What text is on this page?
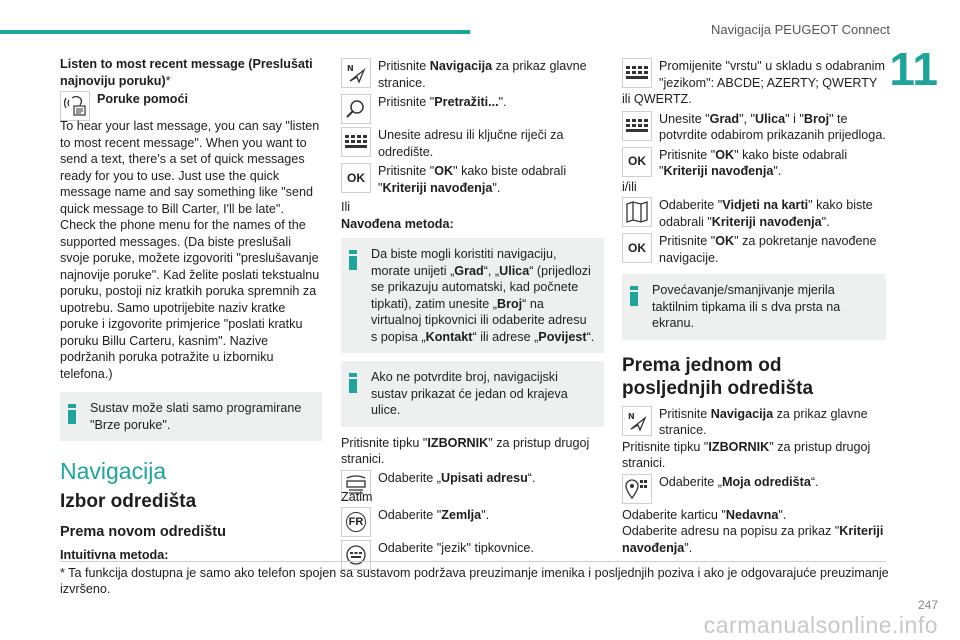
Navigacija PEUGEOT Connect
11

Listen to most recent message (Preslušati najnoviju poruku)*

Poruke pomoći

To hear your last message, you can say "listen to most recent message". When you want to send a text, there's a set of quick messages ready for you to use. Just use the quick message name and say something like "send quick message to Bill Carter, I'll be late". Check the phone menu for the names of the supported messages. (Da biste preslušali svoje poruke, možete izgovoriti "preslušavanje najnovije poruke". Kad želite poslati tekstualnu poruku, postoji niz kratkih poruka spremnih za upotrebu. Samo upotrijebite naziv kratke poruke i izgovorite primjerice "poslati kratku poruku Billu Carteru, kasnim". Nazive podržanih poruka potražite u izborniku telefona.)

Sustav može slati samo programirane "Brze poruke".
Navigacija
Izbor odredišta
Prema novom odredištu

Intuitivna metoda:

N Pritisnite Navigacija za prikaz glavne stranice.
Pritisnite "Pretražiti...".
Unesite adresu ili ključne riječi za odredište.
OK Pritisnite "OK" kako biste odabrali "Kriteriji navođenja".

Ili

Navođena metoda:

Da biste mogli koristiti navigaciju, morate unijeti „Grad“, „Ulica“ (prijedlozi se prikazuju automatski, kad počnete tipkati), zatim unesite „Broj“ na virtualnoj tipkovnici ili odaberite adresu s popisa „Kontakt“ ili adrese „Povijest“.
Ako ne potvrdite broj, navigacijski sustav prikazat će jedan od krajeva ulice.

Pritisnite tipku "IZBORNIK" za pristup drugoj stranici.

Odaberite „Upisati adresu“.

Zatim

FR Odaberite "Zemlja".
Odaberite "jezik" tipkovnice.
Promijenite "vrstu" u skladu s odabranim "jezikom": ABCDE; AZERTY; QWERTY ili QWERTZ.
Unesite "Grad", "Ulica" i "Broj" te potvrdite odabirom prikazanih prijedloga.
OK Pritisnite "OK" kako biste odabrali "Kriteriji navođenja".

i/ili

Odaberite "Vidjeti na karti" kako biste odabrali "Kriteriji navođenja".
OK Pritisnite "OK" za pokretanje navođene navigacije.
Povećavanje/smanjivanje mjerila taktilnim tipkama ili s dva prsta na ekranu.
Prema jednom od posljednjih odredišta
N Pritisnite Navigacija za prikaz glavne stranice.

Pritisnite tipku "IZBORNIK" za pristup drugoj stranici.

Odaberite „Moja odredišta“.

Odaberite karticu "Nedavna".

Odaberite adresu na popisu za prikaz "Kriteriji navođenja".

* Ta funkcija dostupna je samo ako telefon spojen sa sustavom podržava preuzimanje imenika i posljednjih poziva i ako je odgovarajuće preuzimanje izvršeno.
carmanualsonline.info
247
